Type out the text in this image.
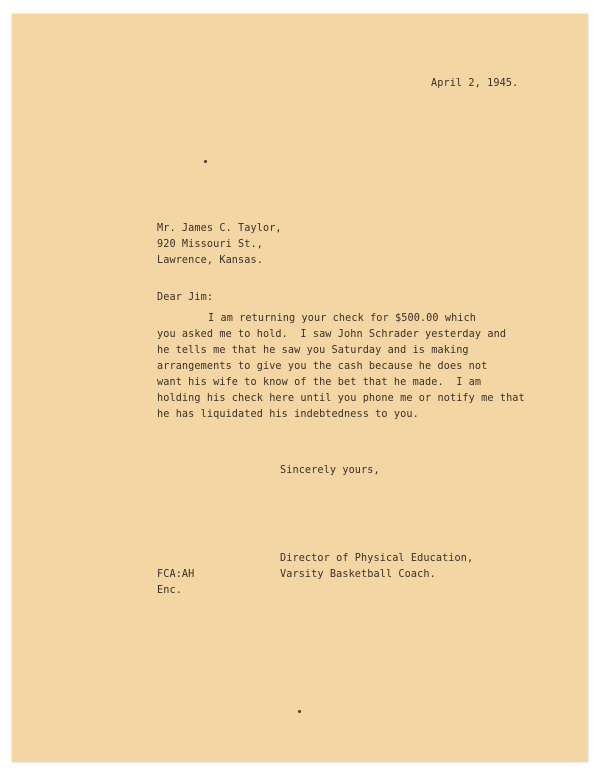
April 2, 1945.
Mr. James C. Taylor,
920 Missouri St.,
Lawrence, Kansas.
Dear Jim:
I am returning your check for $500.00 which
you asked me to hold.  I saw John Schrader yesterday and
he tells me that he saw you Saturday and is making
arrangements to give you the cash because he does not
want his wife to know of the bet that he made.  I am
holding his check here until you phone me or notify me that
he has liquidated his indebtedness to you.
Sincerely yours,
Director of Physical Education,
Varsity Basketball Coach.
FCA:AH
Enc.
